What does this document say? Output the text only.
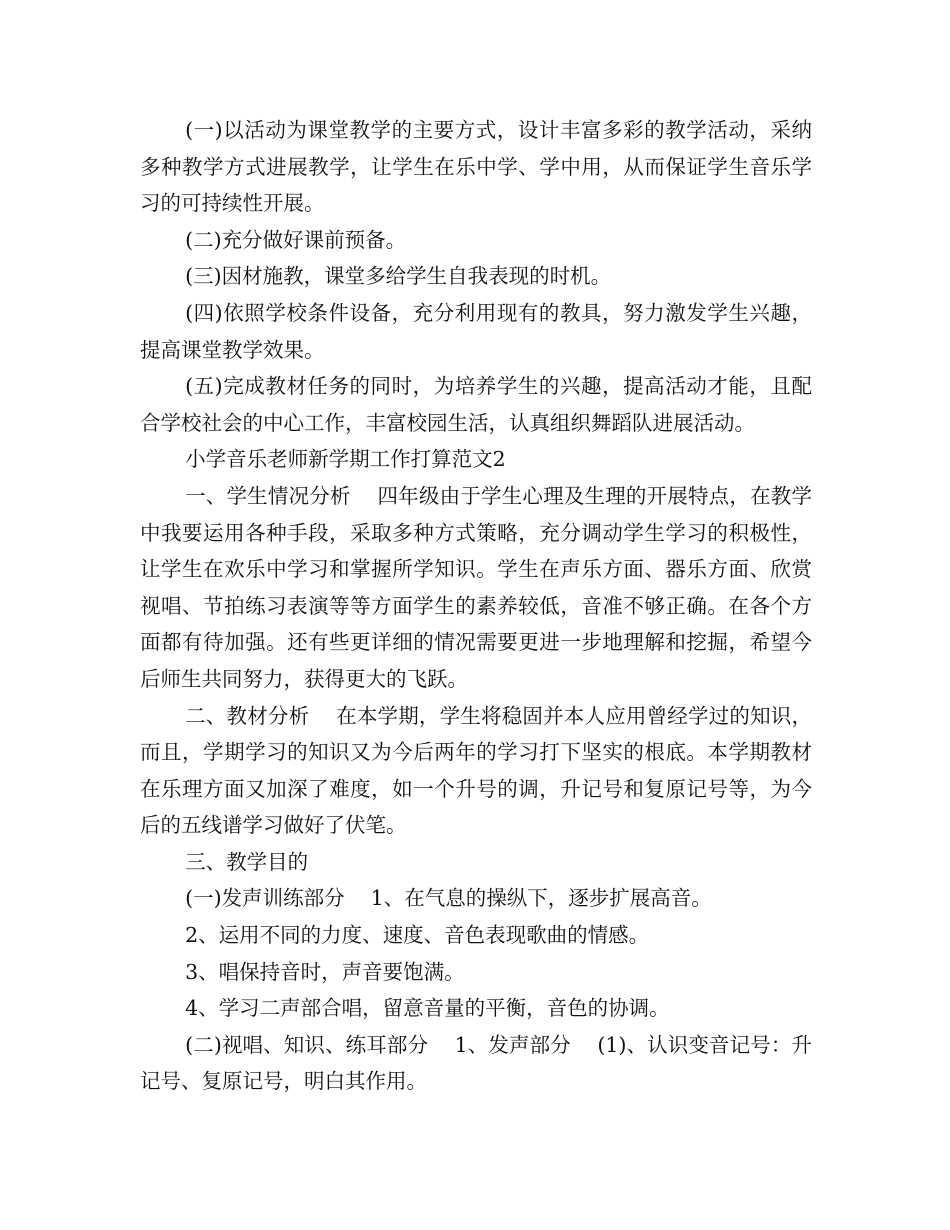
(一)以活动为课堂教学的主要方式，设计丰富多彩的教学活动，采纳多种教学方式进展教学，让学生在乐中学、学中用，从而保证学生音乐学习的可持续性开展。

(二)充分做好课前预备。

(三)因材施教，课堂多给学生自我表现的时机。

(四)依照学校条件设备，充分利用现有的教具，努力激发学生兴趣，提高课堂教学效果。

(五)完成教材任务的同时，为培养学生的兴趣，提高活动才能，且配合学校社会的中心工作，丰富校园生活，认真组织舞蹈队进展活动。

小学音乐老师新学期工作打算范文2

一、学生情况分析    四年级由于学生心理及生理的开展特点，在教学中我要运用各种手段，采取多种方式策略，充分调动学生学习的积极性，让学生在欢乐中学习和掌握所学知识。学生在声乐方面、器乐方面、欣赏视唱、节拍练习表演等等方面学生的素养较低，音准不够正确。在各个方面都有待加强。还有些更详细的情况需要更进一步地理解和挖掘，希望今后师生共同努力，获得更大的飞跃。

二、教材分析    在本学期，学生将稳固并本人应用曾经学过的知识，而且，学期学习的知识又为今后两年的学习打下坚实的根底。本学期教材在乐理方面又加深了难度，如一个升号的调，升记号和复原记号等，为今后的五线谱学习做好了伏笔。

三、教学目的

(一)发声训练部分    1、在气息的操纵下，逐步扩展高音。

2、运用不同的力度、速度、音色表现歌曲的情感。

3、唱保持音时，声音要饱满。

4、学习二声部合唱，留意音量的平衡，音色的协调。

(二)视唱、知识、练耳部分    1、发声部分    (1)、认识变音记号：升记号、复原记号，明白其作用。
